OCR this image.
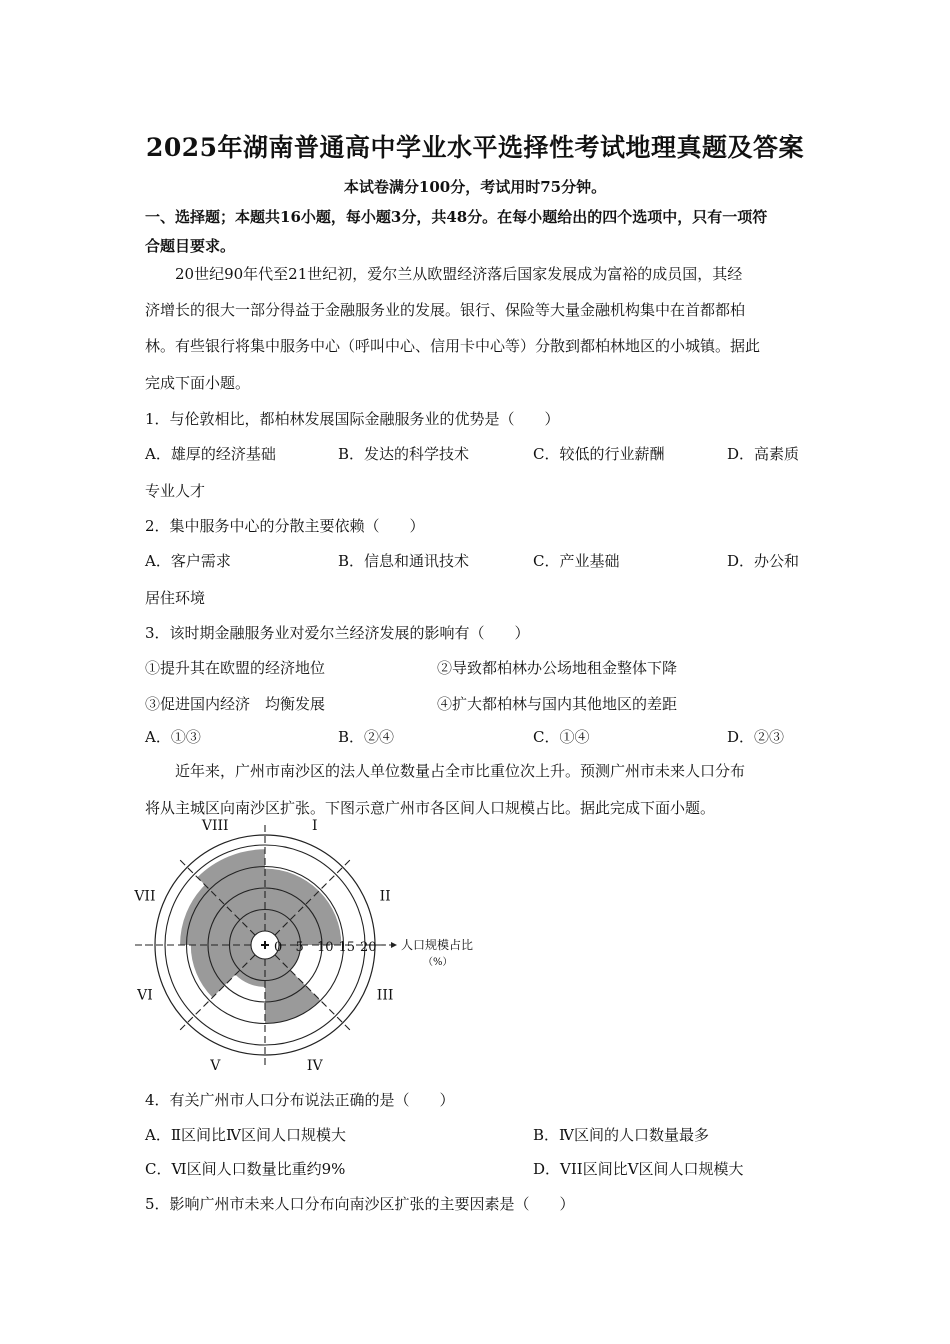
2025年湖南普通高中学业水平选择性考试地理真题及答案
本试卷满分100分，考试用时75分钟。
一、选择题；本题共16小题，每小题3分，共48分。在每小题给出的四个选项中，只有一项符
合题目要求。
20世纪90年代至21世纪初，爱尔兰从欧盟经济落后国家发展成为富裕的成员国，其经
济增长的很大一部分得益于金融服务业的发展。银行、保险等大量金融机构集中在首都都柏
林。有些银行将集中服务中心（呼叫中心、信用卡中心等）分散到都柏林地区的小城镇。据此
完成下面小题。
1．与伦敦相比，都柏林发展国际金融服务业的优势是（　　）
A．雄厚的经济基础	B．发达的科学技术	C．较低的行业薪酬	D．高素质
专业人才
2．集中服务中心的分散主要依赖（　　）
A．客户需求	B．信息和通讯技术	C．产业基础	D．办公和
居住环境
3．该时期金融服务业对爱尔兰经济发展的影响有（　　）
①提升其在欧盟的经济地位	②导致都柏林办公场地租金整体下降
③促进国内经济　均衡发展	④扩大都柏林与国内其他地区的差距
A．①③	B．②④	C．①④	D．②③
近年来，广州市南沙区的法人单位数量占全市比重位次上升。预测广州市未来人口分布
将从主城区向南沙区扩张。下图示意广州市各区间人口规模占比。据此完成下面小题。
0 5 10 15 20
I
II
III
IV
V
VI
VII
VIII
人口规模占比
（%）
4．有关广州市人口分布说法正确的是（　　）
A．Ⅱ区间比Ⅳ区间人口规模大	B．Ⅳ区间的人口数量最多
C．Ⅵ区间人口数量比重约9%	D．VII区间比Ⅴ区间人口规模大
5．影响广州市未来人口分布向南沙区扩张的主要因素是（　　）
